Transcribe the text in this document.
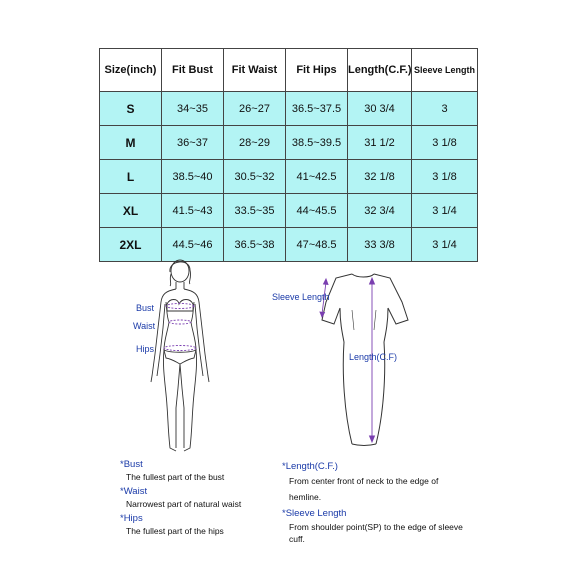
Size(inch)	Fit Bust	Fit Waist	Fit Hips	Length(C.F.)	Sleeve Length
S	34~35	26~27	36.5~37.5	30 3/4	3
M	36~37	28~29	38.5~39.5	31 1/2	3 1/8
L	38.5~40	30.5~32	41~42.5	32 1/8	3 1/8
XL	41.5~43	33.5~35	44~45.5	32 3/4	3 1/4
2XL	44.5~46	36.5~38	47~48.5	33 3/8	3 1/4
Bust
Waist
Hips
Sleeve Length
Length(C.F)
*Bust
The fullest part of the bust
*Waist
Narrowest part of natural waist
*Hips
The fullest part of the hips
*Length(C.F.)
From center front of neck to the edge of
hemline.
*Sleeve Length
From shoulder point(SP) to the edge of sleeve
cuff.
